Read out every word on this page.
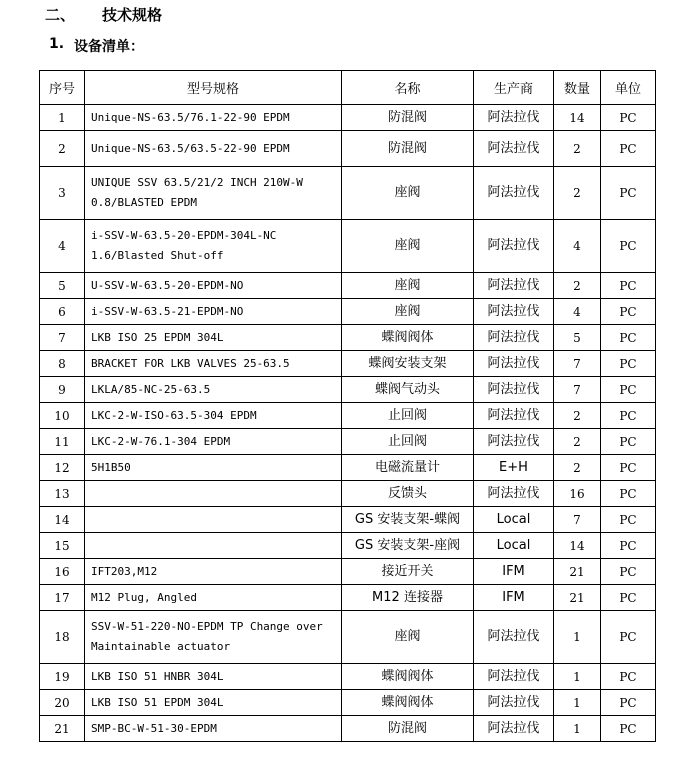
二、 技术规格
1. 设备清单：
序号	型号规格	名称	生产商	数量	单位
1	Unique-NS-63.5/76.1-22-90 EPDM	防混阀	阿法拉伐	14	PC
2	Unique-NS-63.5/63.5-22-90 EPDM	防混阀	阿法拉伐	2	PC
3	UNIQUE SSV 63.5/21/2 INCH 210W-W 0.8/BLASTED EPDM	座阀	阿法拉伐	2	PC
4	i-SSV-W-63.5-20-EPDM-304L-NC 1.6/Blasted Shut-off	座阀	阿法拉伐	4	PC
5	U-SSV-W-63.5-20-EPDM-NO	座阀	阿法拉伐	2	PC
6	i-SSV-W-63.5-21-EPDM-NO	座阀	阿法拉伐	4	PC
7	LKB ISO 25 EPDM 304L	蝶阀阀体	阿法拉伐	5	PC
8	BRACKET FOR LKB VALVES 25-63.5	蝶阀安装支架	阿法拉伐	7	PC
9	LKLA/85-NC-25-63.5	蝶阀气动头	阿法拉伐	7	PC
10	LKC-2-W-ISO-63.5-304 EPDM	止回阀	阿法拉伐	2	PC
11	LKC-2-W-76.1-304 EPDM	止回阀	阿法拉伐	2	PC
12	5H1B50	电磁流量计	E+H	2	PC
13		反馈头	阿法拉伐	16	PC
14		GS 安装支架-蝶阀	Local	7	PC
15		GS 安装支架-座阀	Local	14	PC
16	IFT203,M12	接近开关	IFM	21	PC
17	M12 Plug, Angled	M12 连接器	IFM	21	PC
18	SSV-W-51-220-NO-EPDM TP Change over Maintainable actuator	座阀	阿法拉伐	1	PC
19	LKB ISO 51 HNBR 304L	蝶阀阀体	阿法拉伐	1	PC
20	LKB ISO 51 EPDM 304L	蝶阀阀体	阿法拉伐	1	PC
21	SMP-BC-W-51-30-EPDM	防混阀	阿法拉伐	1	PC
